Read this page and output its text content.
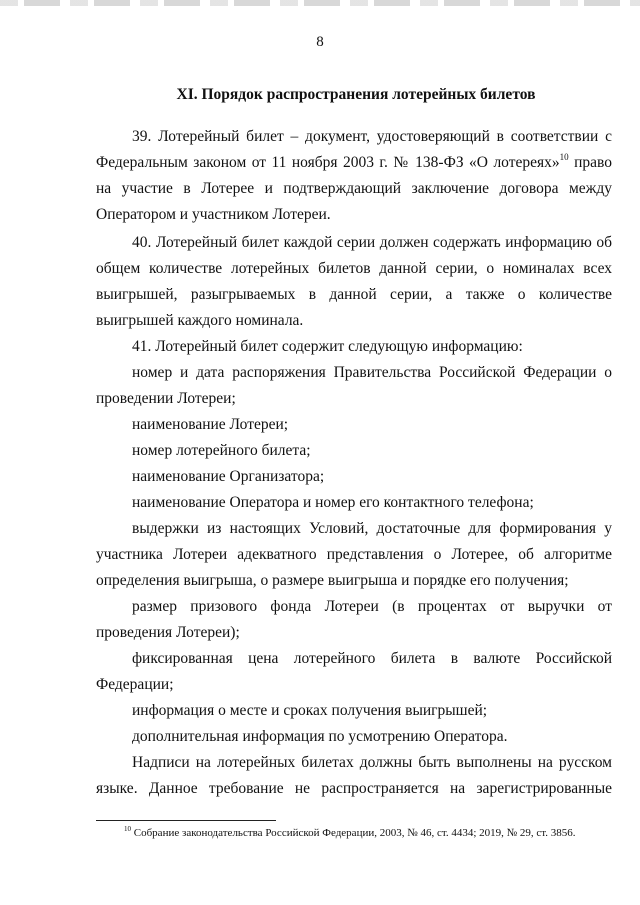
8
XI. Порядок распространения лотерейных билетов

39. Лотерейный билет – документ, удостоверяющий в соответствии с Федеральным законом от 11 ноября 2003 г. № 138-ФЗ «О лотереях»$^{10}$ право на участие в Лотерее и подтверждающий заключение договора между Оператором и участником Лотереи.

40. Лотерейный билет каждой серии должен содержать информацию об общем количестве лотерейных билетов данной серии, о номиналах всех выигрышей, разыгрываемых в данной серии, а также о количестве выигрышей каждого номинала.

41. Лотерейный билет содержит следующую информацию:

номер и дата распоряжения Правительства Российской Федерации о проведении Лотереи;

наименование Лотереи;

номер лотерейного билета;

наименование Организатора;

наименование Оператора и номер его контактного телефона;

выдержки из настоящих Условий, достаточные для формирования у участника Лотереи адекватного представления о Лотерее, об алгоритме определения выигрыша, о размере выигрыша и порядке его получения;

размер призового фонда Лотереи (в процентах от выручки от проведения Лотереи);

фиксированная цена лотерейного билета в валюте Российской Федерации;

информация о месте и сроках получения выигрышей;

дополнительная информация по усмотрению Оператора.

Надписи на лотерейных билетах должны быть выполнены на русском языке. Данное требование не распространяется на зарегистрированные

$^{10}$ Собрание законодательства Российской Федерации, 2003, № 46, ст. 4434; 2019, № 29, ст. 3856.
